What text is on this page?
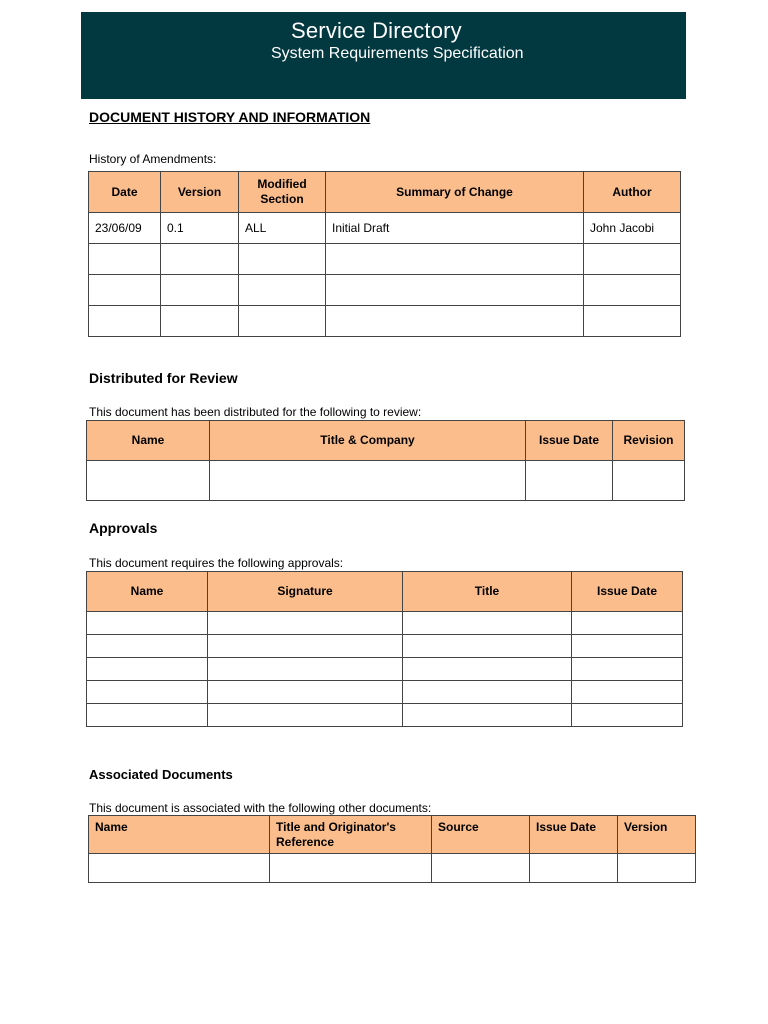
Service Directory
System Requirements Specification
DOCUMENT HISTORY AND INFORMATION
History of Amendments:
Date	Version	Modified Section	Summary of Change	Author
23/06/09	0.1	ALL	Initial Draft	John Jacobi

Distributed for Review
This document has been distributed for the following to review:
Name	Title & Company	Issue Date	Revision

Approvals
This document requires the following approvals:
Name	Signature	Title	Issue Date

Associated Documents
This document is associated with the following other documents:
Name	Title and Originator's Reference	Source	Issue Date	Version
